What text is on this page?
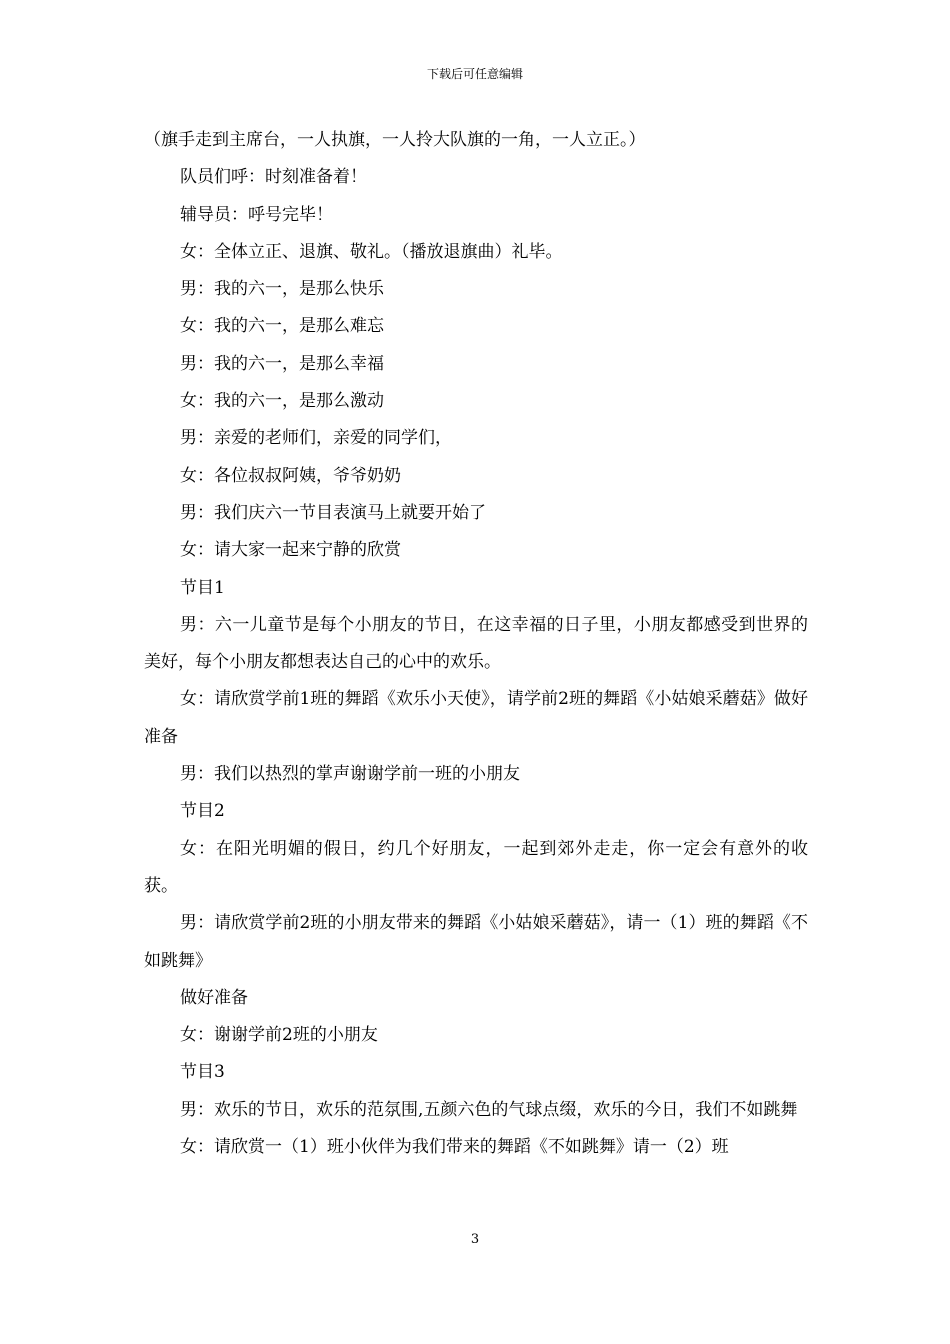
下载后可任意编辑

（旗手走到主席台，一人执旗，一人拎大队旗的一角，一人立正。）

队员们呼：时刻准备着！

辅导员：呼号完毕！

女：全体立正、退旗、敬礼。（播放退旗曲）礼毕。

男：我的六一，是那么快乐

女：我的六一，是那么难忘

男：我的六一，是那么幸福

女：我的六一，是那么激动

男：亲爱的老师们，亲爱的同学们，

女：各位叔叔阿姨，爷爷奶奶

男：我们庆六一节目表演马上就要开始了

女：请大家一起来宁静的欣赏

节目1

男：六一儿童节是每个小朋友的节日，在这幸福的日子里，小朋友都感受到世界的美好，每个小朋友都想表达自己的心中的欢乐。

女：请欣赏学前1班的舞蹈《欢乐小天使》，请学前2班的舞蹈《小姑娘采蘑菇》做好准备

男：我们以热烈的掌声谢谢学前一班的小朋友

节目2

女：在阳光明媚的假日，约几个好朋友，一起到郊外走走，你一定会有意外的收获。

男：请欣赏学前2班的小朋友带来的舞蹈《小姑娘采蘑菇》，请一（1）班的舞蹈《不如跳舞》

做好准备

女：谢谢学前2班的小朋友

节目3

男：欢乐的节日，欢乐的范氛围,五颜六色的气球点缀，欢乐的今日，我们不如跳舞

女：请欣赏一（1）班小伙伴为我们带来的舞蹈《不如跳舞》请一（2）班

3
